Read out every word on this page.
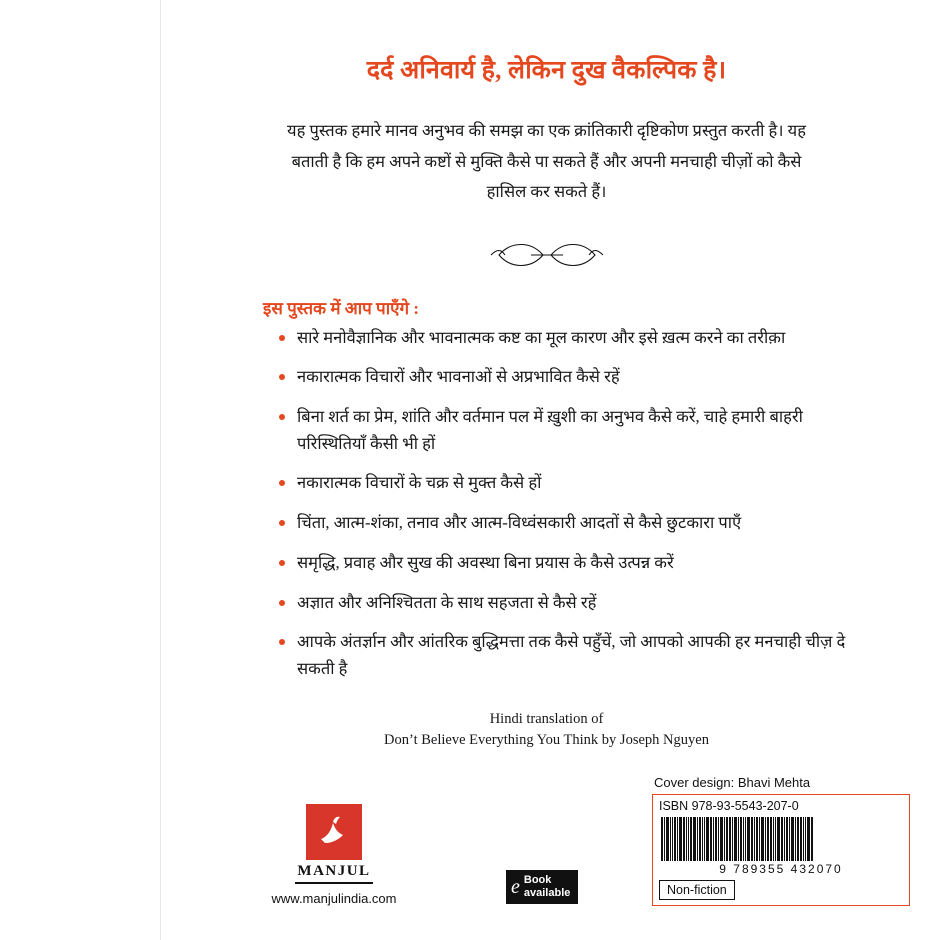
दर्द अनिवार्य है, लेकिन दुख वैकल्पिक है।
यह पुस्तक हमारे मानव अनुभव की समझ का एक क्रांतिकारी दृष्टिकोण प्रस्तुत करती है। यह बताती है कि हम अपने कष्टों से मुक्ति कैसे पा सकते हैं और अपनी मनचाही चीज़ों को कैसे हासिल कर सकते हैं।
इस पुस्तक में आप पाएँगे :
सारे मनोवैज्ञानिक और भावनात्मक कष्ट का मूल कारण और इसे ख़त्म करने का तरीक़ा
नकारात्मक विचारों और भावनाओं से अप्रभावित कैसे रहें
बिना शर्त का प्रेम, शांति और वर्तमान पल में ख़ुशी का अनुभव कैसे करें, चाहे हमारी बाहरी परिस्थितियाँ कैसी भी हों
नकारात्मक विचारों के चक्र से मुक्त कैसे हों
चिंता, आत्म-शंका, तनाव और आत्म-विध्वंसकारी आदतों से कैसे छुटकारा पाएँ
समृद्धि, प्रवाह और सुख की अवस्था बिना प्रयास के कैसे उत्पन्न करें
अज्ञात और अनिश्चितता के साथ सहजता से कैसे रहें
आपके अंतर्ज्ञान और आंतरिक बुद्धिमत्ता तक कैसे पहुँचें, जो आपको आपकी हर मनचाही चीज़ दे सकती है
Hindi translation of
Don’t Believe Everything You Think by Joseph Nguyen
MANJUL
www.manjulindia.com
e Book
available
Cover design: Bhavi Mehta
ISBN 978-93-5543-207-0
9 789355 432070
Non-fiction
